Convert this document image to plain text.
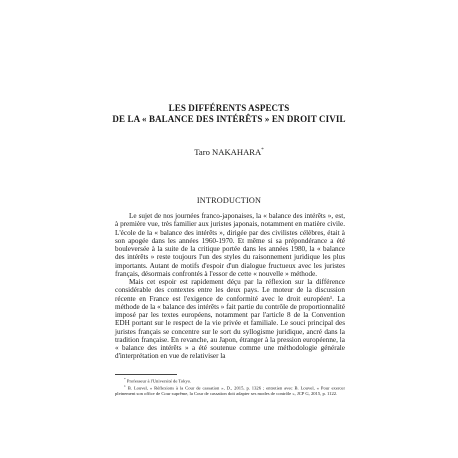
LES DIFFÉRENTS ASPECTS
DE LA « BALANCE DES INTÉRÊTS » EN DROIT CIVIL
Taro NAKAHARA*
INTRODUCTION

Le sujet de nos journées franco-japonaises, la « balance des intérêts », est, à première vue, très familier aux juristes japonais, notamment en matière civile. L'école de la « balance des intérêts », dirigée par des civilistes célèbres, était à son apogée dans les années 1960-1970. Et même si sa prépondérance a été bouleversée à la suite de la critique portée dans les années 1980, la « balance des intérêts » reste toujours l'un des styles du raisonnement juridique les plus importants. Autant de motifs d'espoir d'un dialogue fructueux avec les juristes français, désormais confrontés à l'essor de cette « nouvelle » méthode.

Mais cet espoir est rapidement déçu par la réflexion sur la différence considérable des contextes entre les deux pays. Le moteur de la discussion récente en France est l'exigence de conformité avec le droit européen¹. La méthode de la « balance des intérêts » fait partie du contrôle de proportionnalité imposé par les textes européens, notamment par l'article 8 de la Convention EDH portant sur le respect de la vie privée et familiale. Le souci principal des juristes français se concentre sur le sort du syllogisme juridique, ancré dans la tradition française. En revanche, au Japon, étranger à la pression européenne, la « balance des intérêts » a été soutenue comme une méthodologie générale d'interprétation en vue de relativiser la

* Professeur à l'Université de Tokyo.

$^1$ B. Louvel, « Réflexions à la Cour de cassation », D., 2015, p. 1326 ; entretien avec B. Louvel, « Pour exercer pleinement son office de Cour suprême, la Cour de cassation doit adapter ses modes de contrôle », JCP G, 2015, p. 1122.
